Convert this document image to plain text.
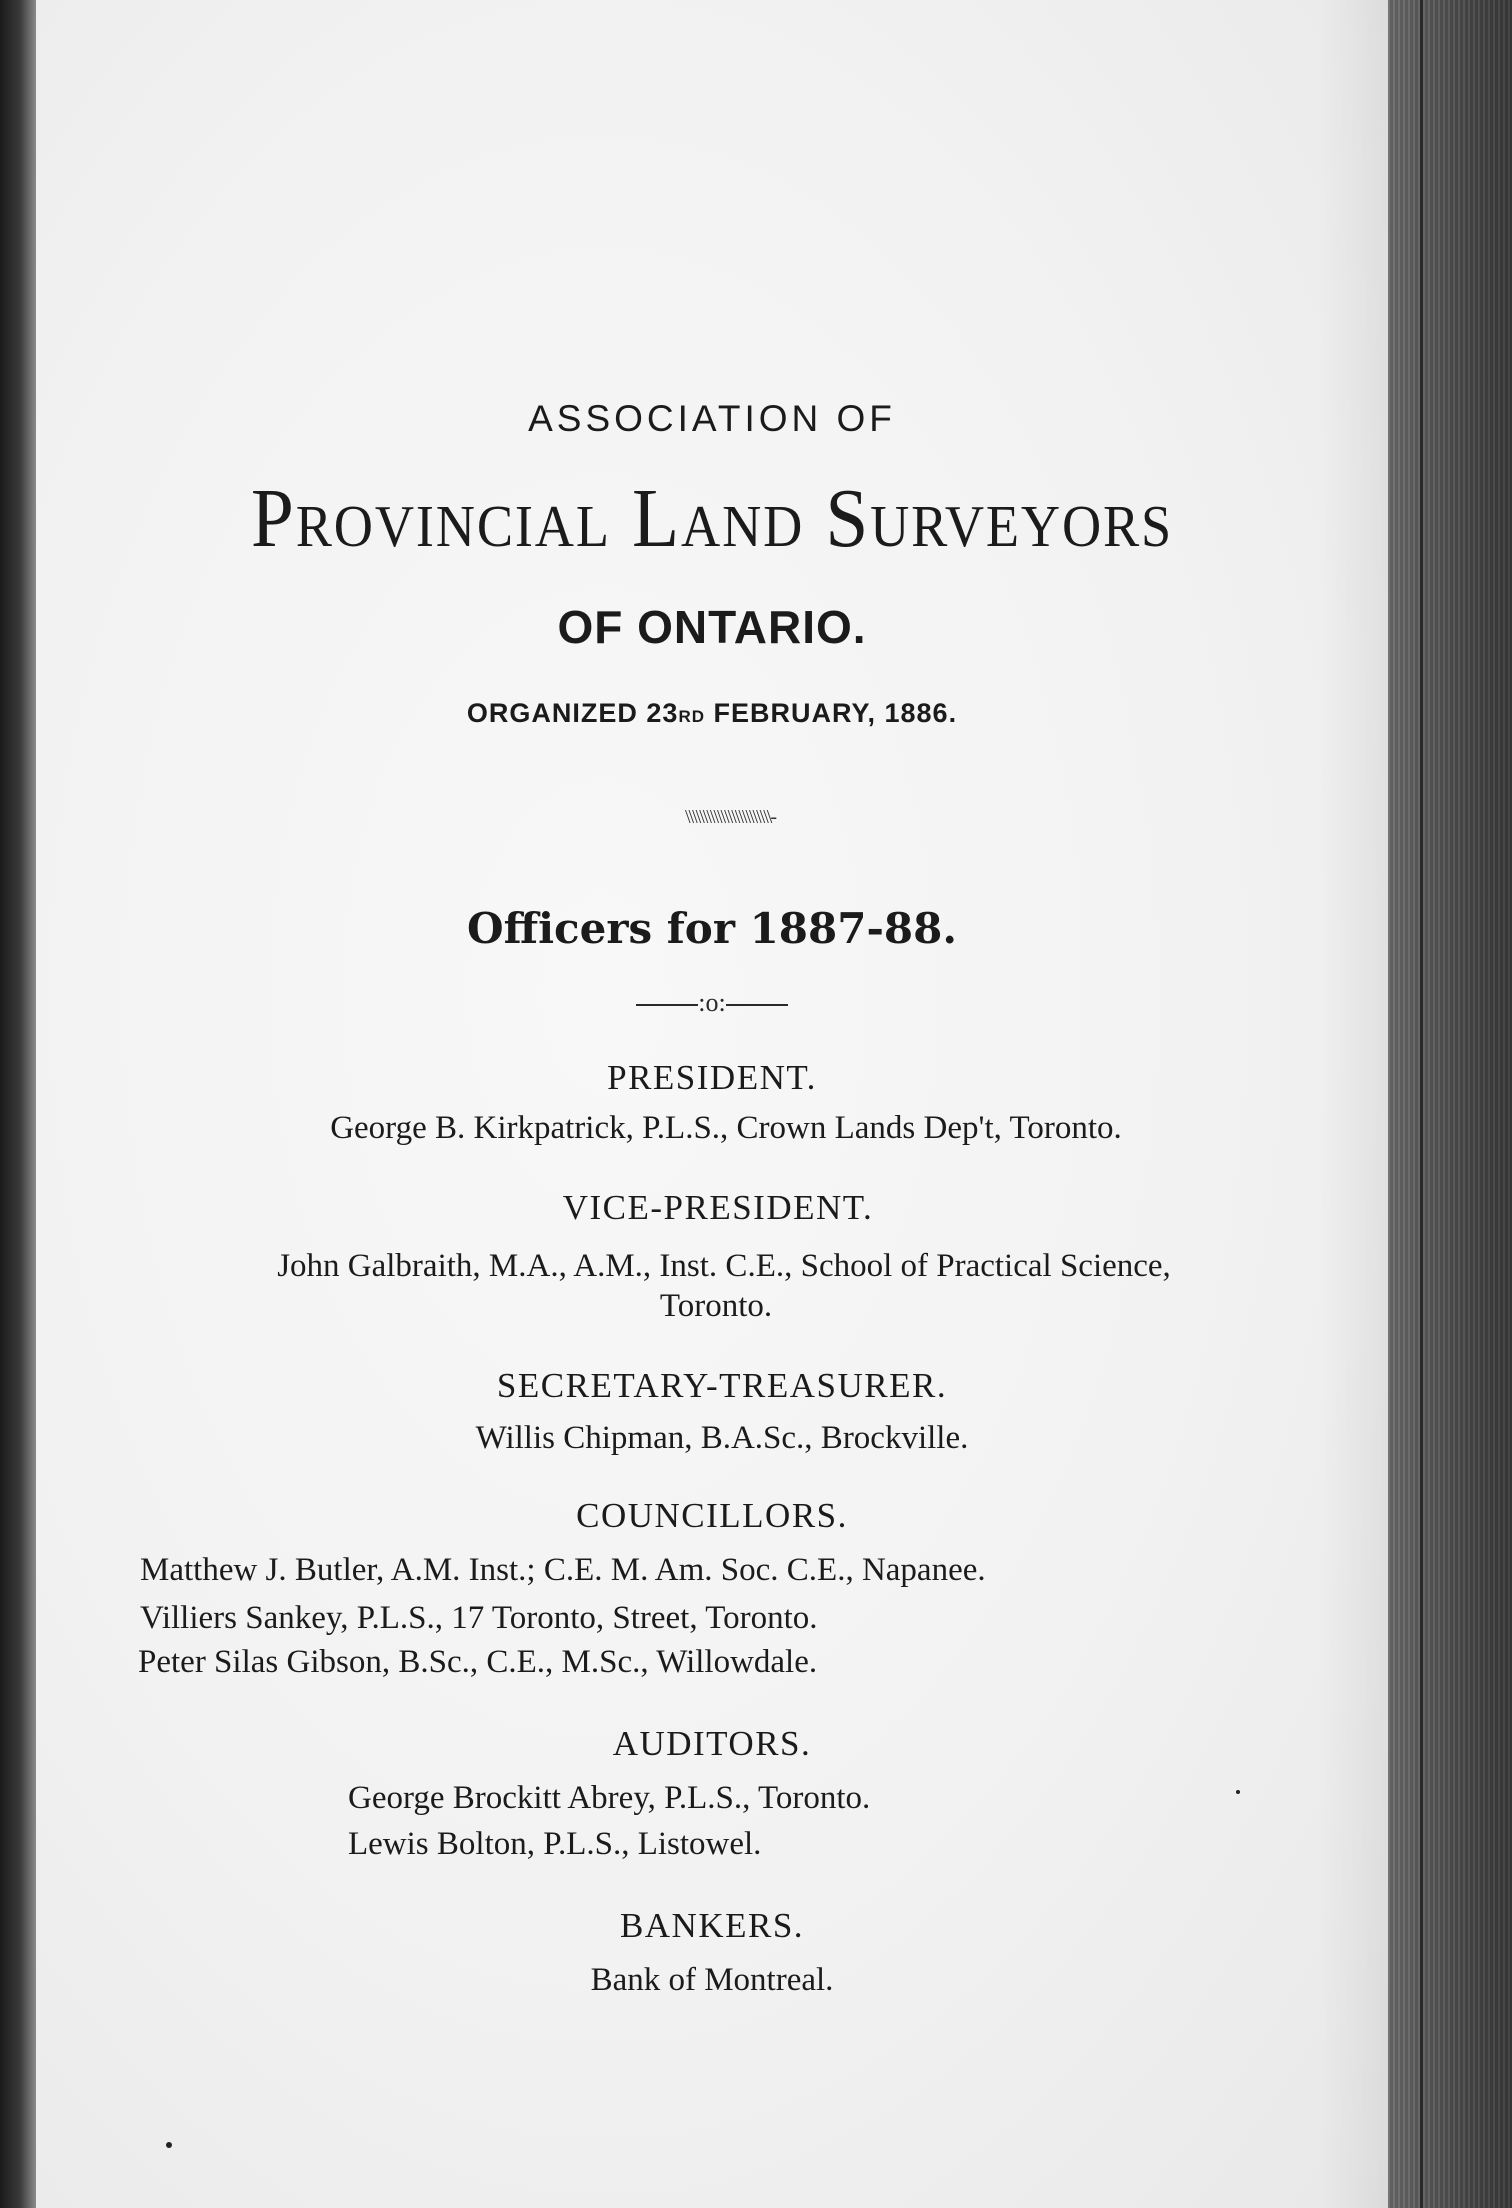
ASSOCIATION OF

Provincial Land Surveyors

OF ONTARIO.

ORGANIZED 23RD FEBRUARY, 1886.

\\\\\\\\\\\\\\\\\\\\\\\\-

Officers for 1887-88.

:o:

PRESIDENT.

George B. Kirkpatrick, P.L.S., Crown Lands Dep't, Toronto.

VICE-PRESIDENT.

John Galbraith, M.A., A.M., Inst. C.E., School of Practical Science,

Toronto.

SECRETARY-TREASURER.

Willis Chipman, B.A.Sc., Brockville.

COUNCILLORS.

Matthew J. Butler, A.M. Inst.; C.E. M. Am. Soc. C.E., Napanee.

Villiers Sankey, P.L.S., 17 Toronto, Street, Toronto.

Peter Silas Gibson, B.Sc., C.E., M.Sc., Willowdale.

AUDITORS.

George Brockitt Abrey, P.L.S., Toronto.

Lewis Bolton, P.L.S., Listowel.

BANKERS.

Bank of Montreal.
